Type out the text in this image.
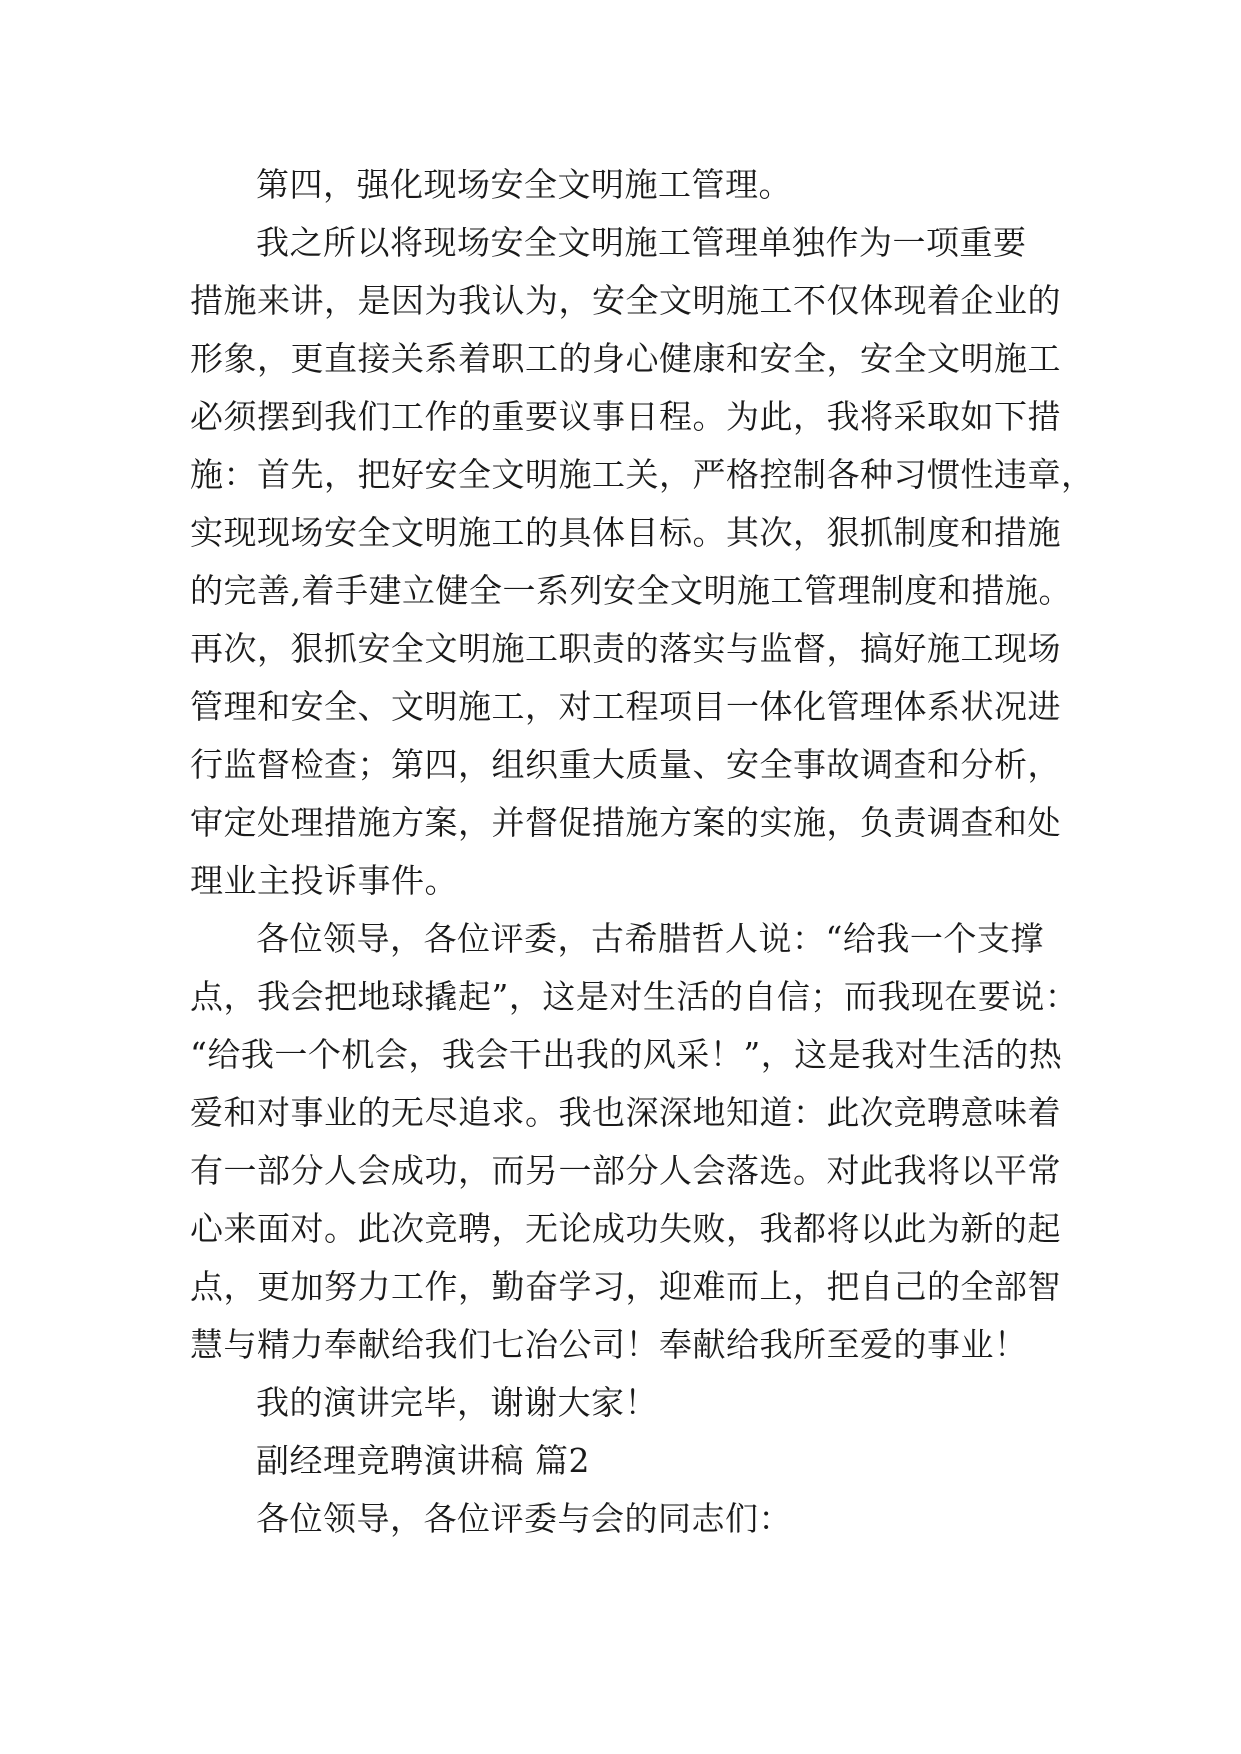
第四，强化现场安全文明施工管理。
我之所以将现场安全文明施工管理单独作为一项重要
措施来讲，是因为我认为，安全文明施工不仅体现着企业的
形象，更直接关系着职工的身心健康和安全，安全文明施工
必须摆到我们工作的重要议事日程。为此，我将采取如下措
施：首先，把好安全文明施工关，严格控制各种习惯性违章，
实现现场安全文明施工的具体目标。其次，狠抓制度和措施
的完善,着手建立健全一系列安全文明施工管理制度和措施。
再次，狠抓安全文明施工职责的落实与监督，搞好施工现场
管理和安全、文明施工，对工程项目一体化管理体系状况进
行监督检查；第四，组织重大质量、安全事故调查和分析，
审定处理措施方案，并督促措施方案的实施，负责调查和处
理业主投诉事件。
各位领导，各位评委，古希腊哲人说：“给我一个支撑
点，我会把地球撬起”，这是对生活的自信；而我现在要说：
“给我一个机会，我会干出我的风采！”，这是我对生活的热
爱和对事业的无尽追求。我也深深地知道：此次竞聘意味着
有一部分人会成功，而另一部分人会落选。对此我将以平常
心来面对。此次竞聘，无论成功失败，我都将以此为新的起
点，更加努力工作，勤奋学习，迎难而上，把自己的全部智
慧与精力奉献给我们七冶公司！奉献给我所至爱的事业！
我的演讲完毕，谢谢大家！
副经理竞聘演讲稿 篇2
各位领导，各位评委与会的同志们：
